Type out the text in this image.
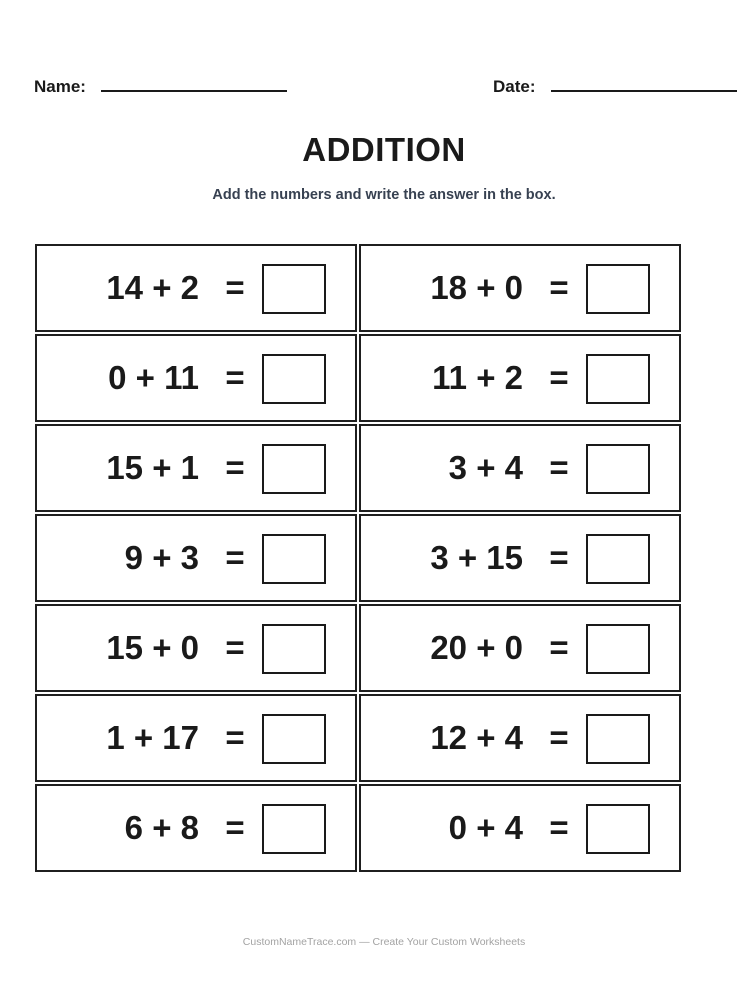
Name:	Date:
ADDITION
Add the numbers and write the answer in the box.
14 + 2 =
0 + 11 =
15 + 1 =
9 + 3 =
15 + 0 =
1 + 17 =
6 + 8 =
18 + 0 =
11 + 2 =
3 + 4 =
3 + 15 =
20 + 0 =
12 + 4 =
0 + 4 =
CustomNameTrace.com — Create Your Custom Worksheets
